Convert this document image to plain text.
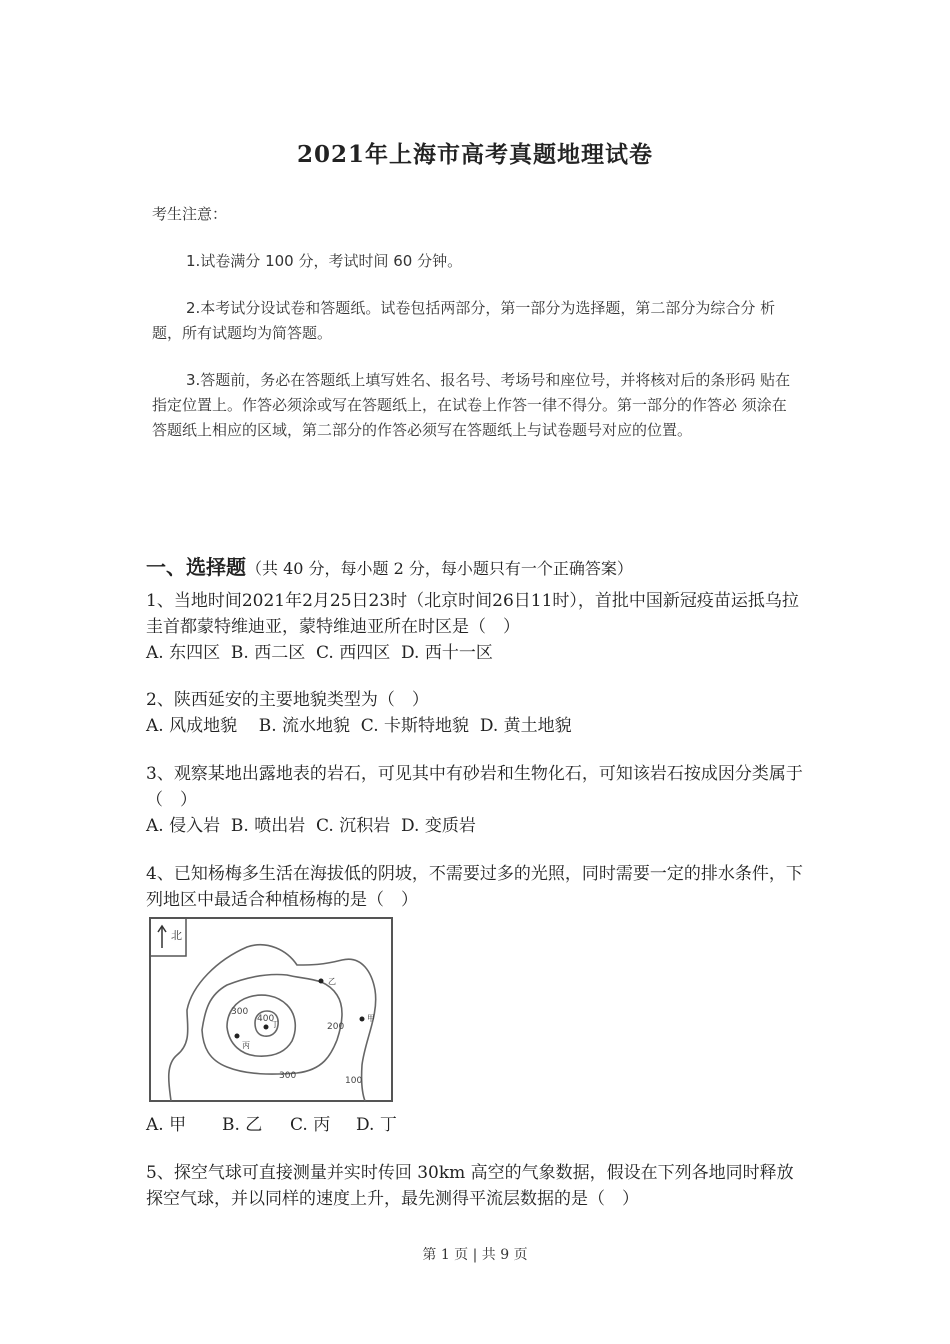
2021年上海市高考真题地理试卷
考生注意：
1.试卷满分 100 分，考试时间 60 分钟。
2.本考试分设试卷和答题纸。试卷包括两部分，第一部分为选择题，第二部分为综合分 析题，所有试题均为简答题。
3.答题前，务必在答题纸上填写姓名、报名号、考场号和座位号，并将核对后的条形码 贴在指定位置上。作答必须涂或写在答题纸上，在试卷上作答一律不得分。第一部分的作答必 须涂在答题纸上相应的区域，第二部分的作答必须写在答题纸上与试卷题号对应的位置。
一、选择题（共 40 分，每小题 2 分，每小题只有一个正确答案）
1、当地时间2021年2月25日23时（北京时间26日11时），首批中国新冠疫苗运抵乌拉圭首都蒙特维迪亚，蒙特维迪亚所在时区是（　）
A. 东四区  B. 西二区  C. 西四区  D. 西十一区
2、陕西延安的主要地貌类型为（　）
A. 风成地貌    B. 流水地貌  C. 卡斯特地貌  D. 黄土地貌
3、观察某地出露地表的岩石，可见其中有砂岩和生物化石，可知该岩石按成因分类属于（　）
A. 侵入岩  B. 喷出岩  C. 沉积岩  D. 变质岩
4、已知杨梅多生活在海拔低的阴坡，不需要过多的光照，同时需要一定的排水条件，下列地区中最适合种植杨梅的是（　）
北
300
400
200
300	100
乙
甲
丙
丁
A. 甲 B. 乙 C. 丙 D. 丁
5、探空气球可直接测量并实时传回 30km 高空的气象数据，假设在下列各地同时释放探空气球，并以同样的速度上升，最先测得平流层数据的是（　）
第 1 页 | 共 9 页
